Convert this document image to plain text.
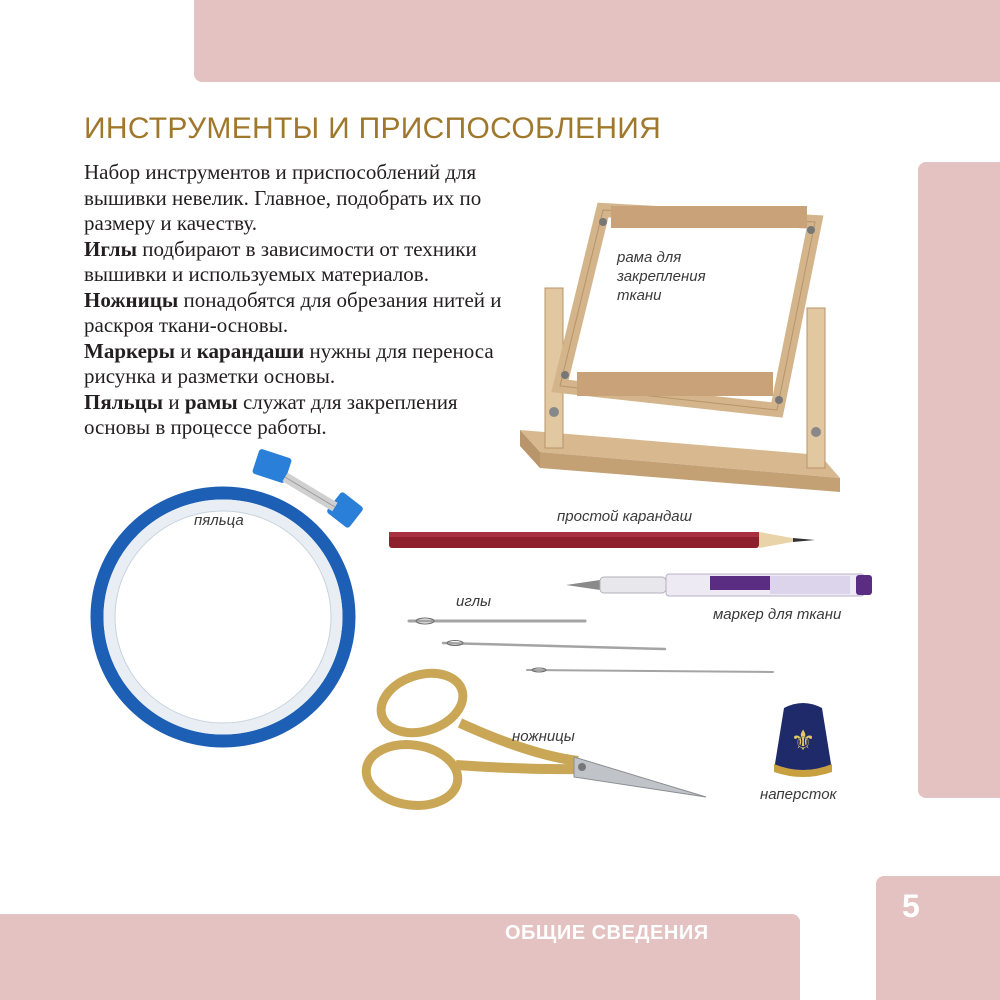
ИНСТРУМЕНТЫ И ПРИСПОСОБЛЕНИЯ

Набор инструментов и приспособлений для вышивки невелик. Главное, подобрать их по размеру и качеству.

Иглы подбирают в зависимости от техники вышивки и используемых материалов.

Ножницы понадобятся для обрезания нитей и раскроя ткани-основы.

Маркеры и карандаши нужны для переноса рисунка и разметки основы.

Пяльцы и рамы служат для закрепления основы в процессе работы.

рама для
закрепления
ткани
пяльца	простой карандаш
маркер для ткани
иглы
ножницы	⚜
наперсток
ОБЩИЕ СВЕДЕНИЯ
5
